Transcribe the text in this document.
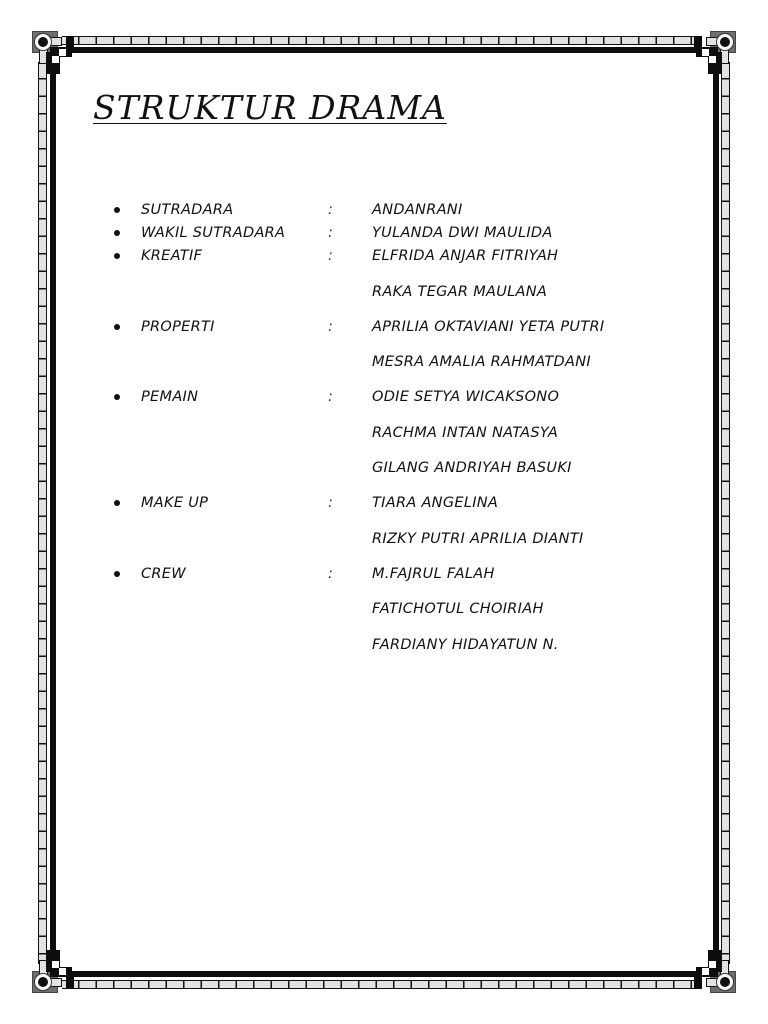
STRUKTUR DRAMA
SUTRADARA	:	ANDANRANI
WAKIL SUTRADARA	:	YULANDA DWI MAULIDA
KREATIF	:	ELFRIDA ANJAR FITRIYAH
RAKA TEGAR MAULANA
PROPERTI	:	APRILIA OKTAVIANI YETA PUTRI
MESRA AMALIA RAHMATDANI
PEMAIN	:	ODIE SETYA WICAKSONO
RACHMA INTAN NATASYA
GILANG ANDRIYAH BASUKI
MAKE UP	:	TIARA ANGELINA
RIZKY PUTRI APRILIA DIANTI
CREW	:	M.FAJRUL FALAH
FATICHOTUL CHOIRIAH
FARDIANY HIDAYATUN N.
